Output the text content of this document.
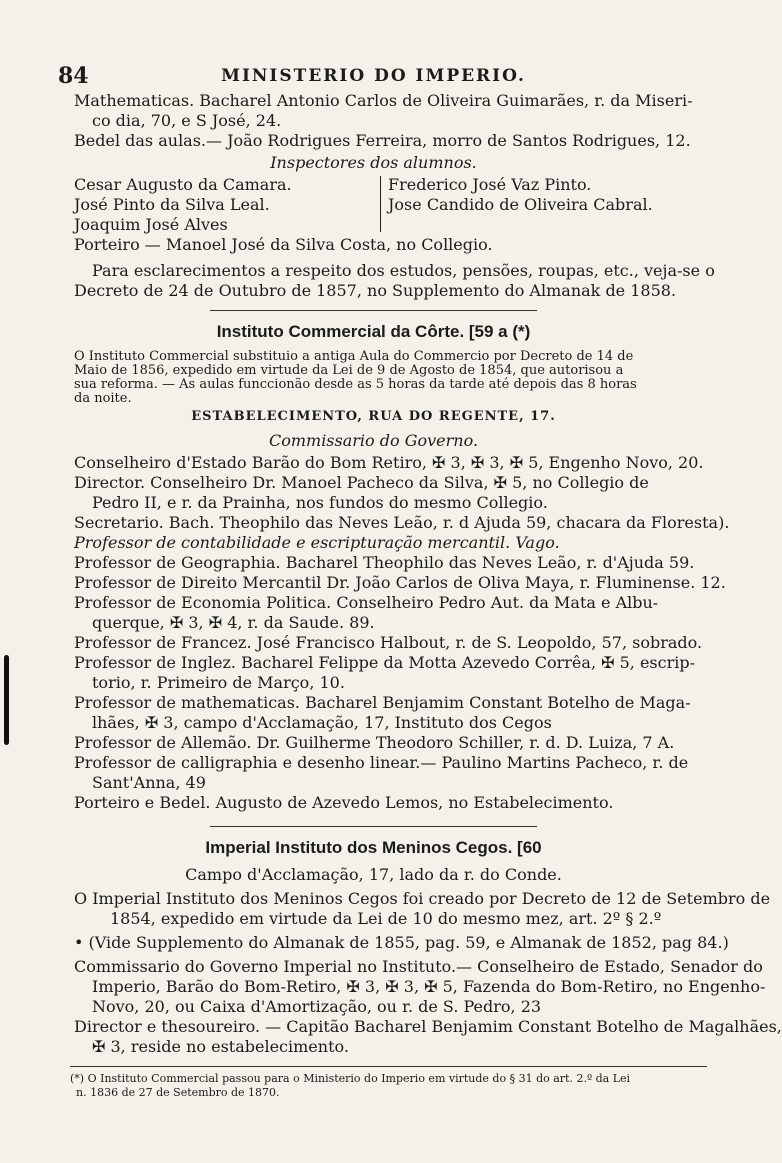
84	MINISTERIO DO IMPERIO.
Mathematicas. Bacharel Antonio Carlos de Oliveira Guimarães, r. da Miseri-
co dia, 70, e S José, 24.
Bedel das aulas.— João Rodrigues Ferreira, morro de Santos Rodrigues, 12.
Inspectores dos alumnos.
Cesar Augusto da Camara.
José Pinto da Silva Leal.
Joaquim José Alves
Frederico José Vaz Pinto.
Jose Candido de Oliveira Cabral.
Porteiro — Manoel José da Silva Costa, no Collegio.
Para esclarecimentos a respeito dos estudos, pensões, roupas, etc., veja-se o
Decreto de 24 de Outubro de 1857, no Supplemento do Almanak de 1858.
Instituto Commercial da Côrte. [59 a (*)
O Instituto Commercial substituio a antiga Aula do Commercio por Decreto de 14 de
Maio de 1856, expedido em virtude da Lei de 9 de Agosto de 1854, que autorisou a
sua reforma. — As aulas funccionão desde as 5 horas da tarde até depois das 8 horas
da noite.
ESTABELECIMENTO, RUA DO REGENTE, 17.
Commissario do Governo.
Conselheiro d'Estado Barão do Bom Retiro, ✠ 3, ✠ 3, ✠ 5, Engenho Novo, 20.
Director. Conselheiro Dr. Manoel Pacheco da Silva, ✠ 5, no Collegio de
Pedro II, e r. da Prainha, nos fundos do mesmo Collegio.
Secretario. Bach. Theophilo das Neves Leão, r. d Ajuda 59, chacara da Floresta).
Professor de contabilidade e escripturação mercantil. Vago.
Professor de Geographia. Bacharel Theophilo das Neves Leão, r. d'Ajuda 59.
Professor de Direito Mercantil Dr. João Carlos de Oliva Maya, r. Fluminense. 12.
Professor de Economia Politica. Conselheiro Pedro Aut. da Mata e Albu-
querque, ✠ 3, ✠ 4, r. da Saude. 89.
Professor de Francez. José Francisco Halbout, r. de S. Leopoldo, 57, sobrado.
Professor de Inglez. Bacharel Felippe da Motta Azevedo Corrêa, ✠ 5, escrip-
torio, r. Primeiro de Março, 10.
Professor de mathematicas. Bacharel Benjamim Constant Botelho de Maga-
lhães, ✠ 3, campo d'Acclamação, 17, Instituto dos Cegos
Professor de Allemão. Dr. Guilherme Theodoro Schiller, r. d. D. Luiza, 7 A.
Professor de calligraphia e desenho linear.— Paulino Martins Pacheco, r. de
Sant'Anna, 49
Porteiro e Bedel. Augusto de Azevedo Lemos, no Estabelecimento.
Imperial Instituto dos Meninos Cegos. [60
Campo d'Acclamação, 17, lado da r. do Conde.
O Imperial Instituto dos Meninos Cegos foi creado por Decreto de 12 de Setembro de
1854, expedido em virtude da Lei de 10 do mesmo mez, art. 2º § 2.º
• (Vide Supplemento do Almanak de 1855, pag. 59, e Almanak de 1852, pag 84.)
Commissario do Governo Imperial no Instituto.— Conselheiro de Estado, Senador do
Imperio, Barão do Bom-Retiro, ✠ 3, ✠ 3, ✠ 5, Fazenda do Bom-Retiro, no Engenho-
Novo, 20, ou Caixa d'Amortização, ou r. de S. Pedro, 23
Director e thesoureiro. — Capitão Bacharel Benjamim Constant Botelho de Magalhães,
✠ 3, reside no estabelecimento.
(*) O Instituto Commercial passou para o Ministerio do Imperio em virtude do § 31 do art. 2.º da Lei
n. 1836 de 27 de Setembro de 1870.
